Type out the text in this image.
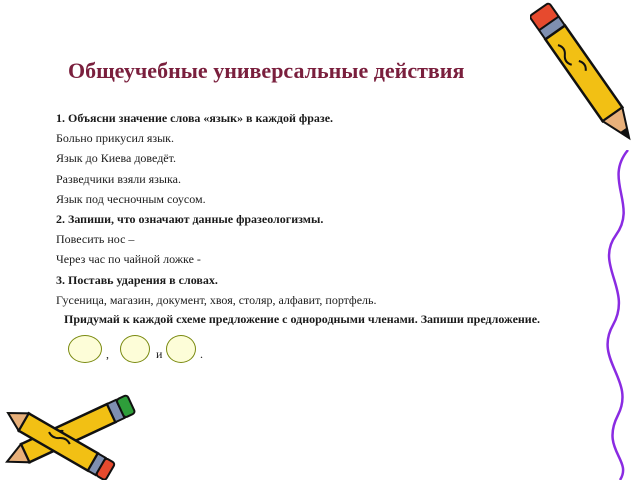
Общеучебные универсальные действия
1. Объясни значение слова «язык» в каждой фразе.
Больно прикусил язык.
Язык до Киева доведёт.
Разведчики взяли языка.
Язык под чесночным соусом.
2. Запиши, что означают данные фразеологизмы.
Повесить нос –
Через час по чайной ложке -
3. Поставь ударения в словах.
Гусеница, магазин, документ, хвоя, столяр, алфавит, портфель.
Придумай к каждой схеме предложение с однородными членами. Запиши предложение.
,	и	.
